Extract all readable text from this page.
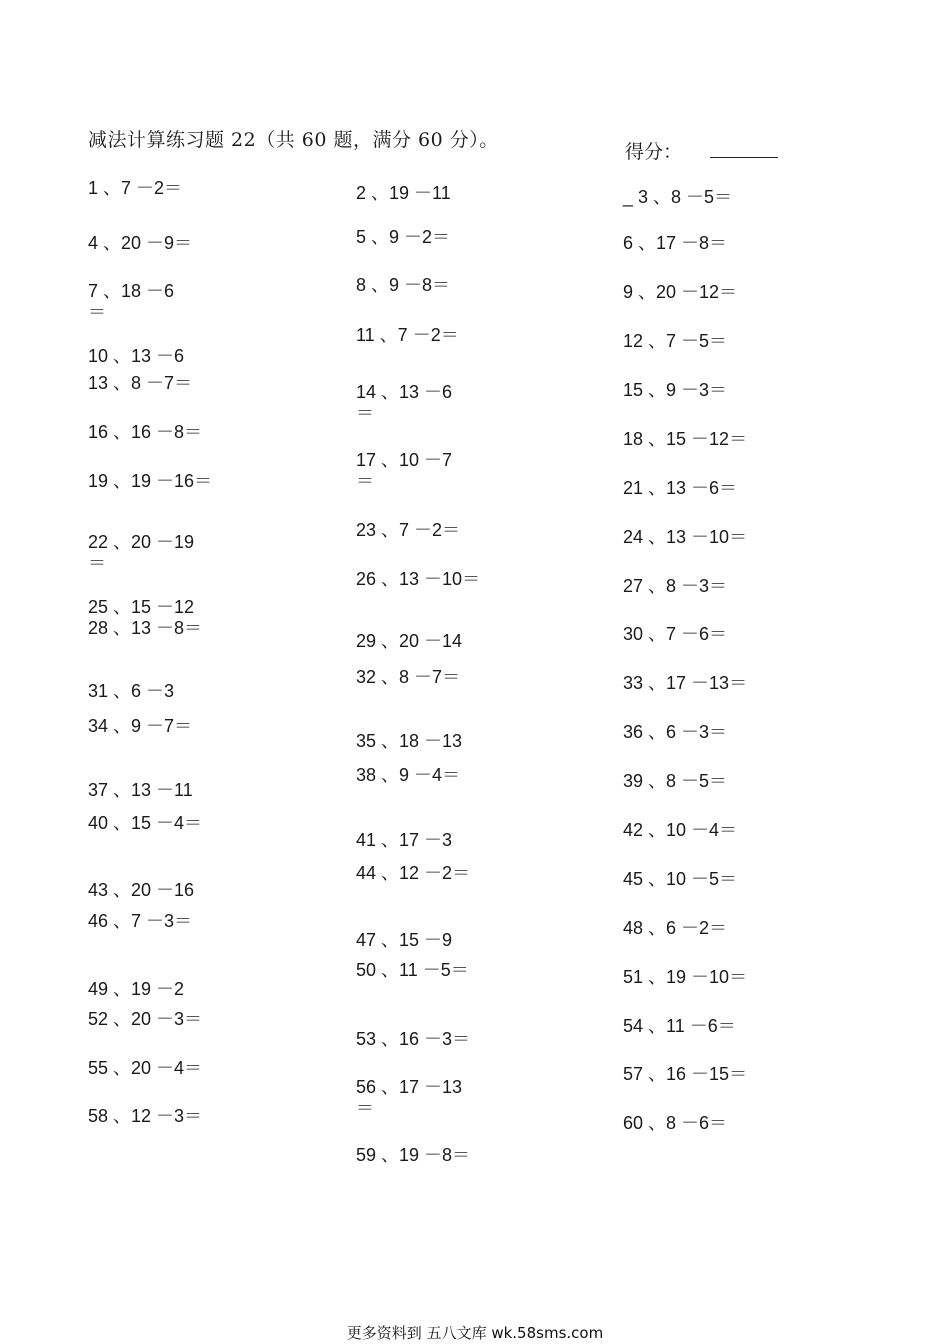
减法计算练习题 22（共 60 题，满分 60 分）。
得分：
1 、7 －2＝	2 、19 －11	_ 3 、8 －5＝
4 、20 －9＝	5 、9 －2＝	6 、17 －8＝
7 、18 －6
＝
8 、9 －8＝	9 、20 －12＝
10 、13 －6
11 、7 －2＝	12 、7 －5＝
13 、8 －7＝	14 、13 －6
＝
15 、9 －3＝
16 、16 －8＝
17 、10 －7
＝
18 、15 －12＝
19 、19 －16＝	21 、13 －6＝
22 、20 －19
＝
23 、7 －2＝	24 、13 －10＝
25 、15 －12
26 、13 －10＝	27 、8 －3＝
28 、13 －8＝
29 、20 －14	30 、7 －6＝
31 、6 －3
32 、8 －7＝	33 、17 －13＝
34 、9 －7＝
35 、18 －13	36 、6 －3＝
37 、13 －11
38 、9 －4＝	39 、8 －5＝
40 、15 －4＝
41 、17 －3	42 、10 －4＝
43 、20 －16
44 、12 －2＝	45 、10 －5＝
46 、7 －3＝
47 、15 －9
48 、6 －2＝
49 、19 －2
50 、11 －5＝	51 、19 －10＝
52 、20 －3＝
53 、16 －3＝
54 、11 －6＝
55 、20 －4＝
56 、17 －13
＝
57 、16 －15＝
58 、12 －3＝
59 、19 －8＝
60 、8 －6＝
更多资料到 五八文库 wk.58sms.com
